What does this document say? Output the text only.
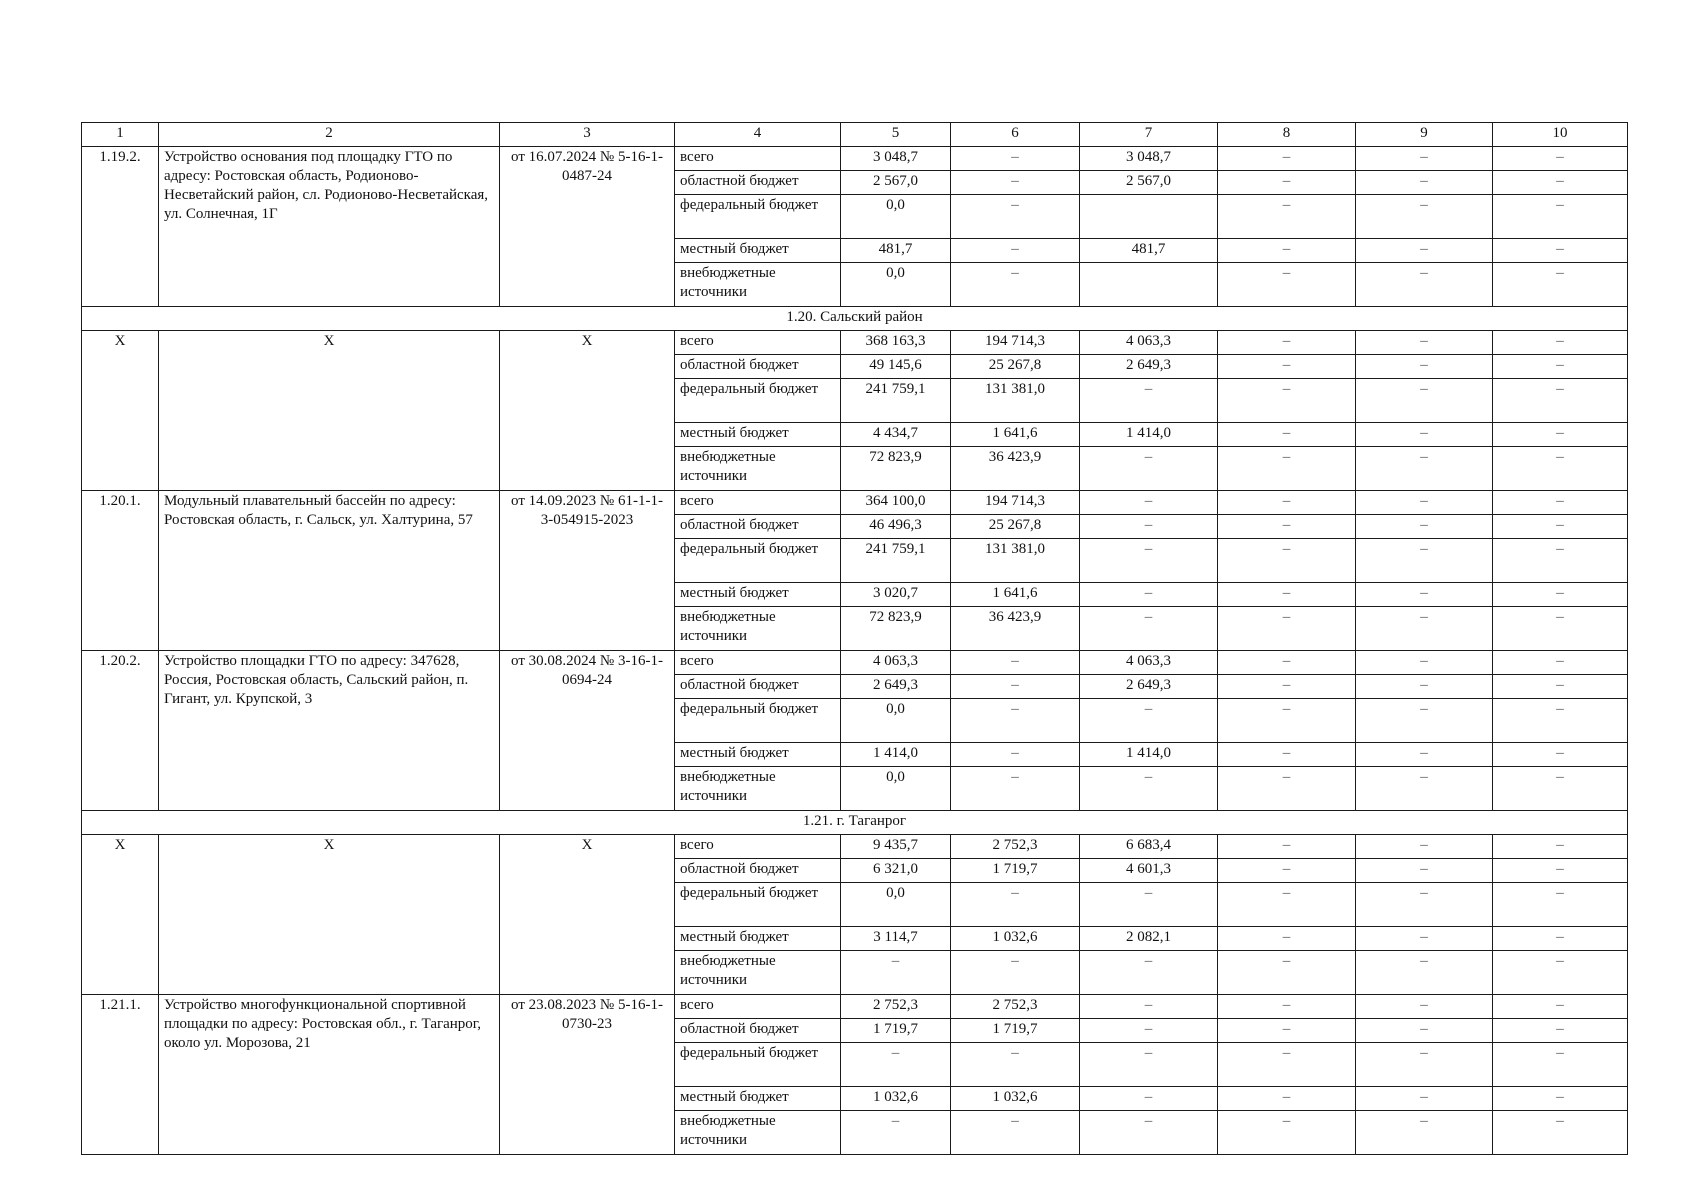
1	2	3	4	5	6	7	8	9	10
1.19.2.	Устройство основания под площадку ГТО по адресу: Ростовская область, Родионово-Несветайский район, сл. Родионово-Несветайская, ул. Солнечная, 1Г	от 16.07.2024 № 5-16-1-0487-24	всего	3 048,7	–	3 048,7	–	–	–
			областной бюджет	2 567,0	–	2 567,0	–	–	–
			федеральный бюджет	0,0	–		–	–	–
			местный бюджет	481,7	–	481,7	–	–	–
			внебюджетные источники	0,0	–		–	–	–
1.20. Сальский район									
Х	Х	Х	всего	368 163,3	194 714,3	4 063,3	–	–	–
			областной бюджет	49 145,6	25 267,8	2 649,3	–	–	–
			федеральный бюджет	241 759,1	131 381,0	–	–	–	–
			местный бюджет	4 434,7	1 641,6	1 414,0	–	–	–
			внебюджетные источники	72 823,9	36 423,9	–	–	–	–
1.20.1.	Модульный плавательный бассейн по адресу: Ростовская область, г. Сальск, ул. Халтурина, 57	от 14.09.2023 № 61-1-1-3-054915-2023	всего	364 100,0	194 714,3	–	–	–	–
			областной бюджет	46 496,3	25 267,8	–	–	–	–
			федеральный бюджет	241 759,1	131 381,0	–	–	–	–
			местный бюджет	3 020,7	1 641,6	–	–	–	–
			внебюджетные источники	72 823,9	36 423,9	–	–	–	–
1.20.2.	Устройство площадки ГТО по адресу: 347628, Россия, Ростовская область, Сальский район, п. Гигант, ул. Крупской, 3	от 30.08.2024 № 3-16-1-0694-24	всего	4 063,3	–	4 063,3	–	–	–
			областной бюджет	2 649,3	–	2 649,3	–	–	–
			федеральный бюджет	0,0	–	–	–	–	–
			местный бюджет	1 414,0	–	1 414,0	–	–	–
			внебюджетные источники	0,0	–	–	–	–	–
1.21. г. Таганрог									
Х	Х	Х	всего	9 435,7	2 752,3	6 683,4	–	–	–
			областной бюджет	6 321,0	1 719,7	4 601,3	–	–	–
			федеральный бюджет	0,0	–	–	–	–	–
			местный бюджет	3 114,7	1 032,6	2 082,1	–	–	–
			внебюджетные источники	–	–	–	–	–	–
1.21.1.	Устройство многофункциональной спортивной площадки по адресу: Ростовская обл., г. Таганрог, около ул. Морозова, 21	от 23.08.2023 № 5-16-1-0730-23	всего	2 752,3	2 752,3	–	–	–	–
			областной бюджет	1 719,7	1 719,7	–	–	–	–
			федеральный бюджет	–	–	–	–	–	–
			местный бюджет	1 032,6	1 032,6	–	–	–	–
			внебюджетные источники	–	–	–	–	–	–
